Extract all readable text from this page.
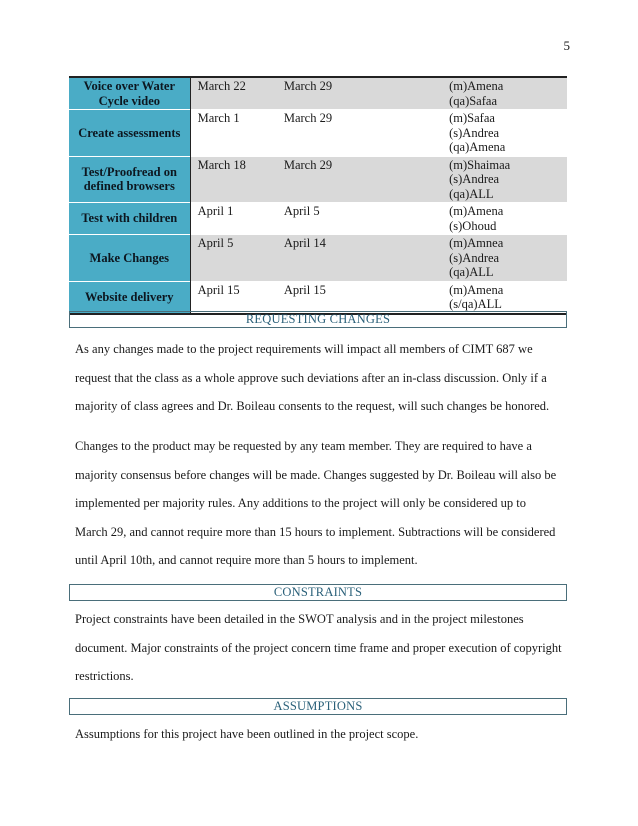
5
Voice over Water
Cycle video	March 22	March 29	(m)Amena
(qa)Safaa

Create assessments	March 1	March 29	(m)Safaa
(s)Andrea
(qa)Amena

Test/Proofread on
defined browsers	March 18	March 29	(m)Shaimaa
(s)Andrea
(qa)ALL

Test with children	April 1	April 5	(m)Amena
(s)Ohoud

Make Changes	April 5	April 14	(m)Amnea
(s)Andrea
(qa)ALL

Website delivery	April 15	April 15	(m)Amena
(s/qa)ALL
REQUESTING CHANGES

As any changes made to the project requirements will impact all members of CIMT 687 we
request that the class as a whole approve such deviations after an in-class discussion. Only if a
majority of class agrees and Dr. Boileau consents to the request, will such changes be honored.

Changes to the product may be requested by any team member. They are required to have a
majority consensus before changes will be made. Changes suggested by Dr. Boileau will also be
implemented per majority rules. Any additions to the project will only be considered up to
March 29, and cannot require more than 15 hours to implement. Subtractions will be considered
until April 10th, and cannot require more than 5 hours to implement.

CONSTRAINTS

Project constraints have been detailed in the SWOT analysis and in the project milestones
document. Major constraints of the project concern time frame and proper execution of copyright
restrictions.

ASSUMPTIONS

Assumptions for this project have been outlined in the project scope.
